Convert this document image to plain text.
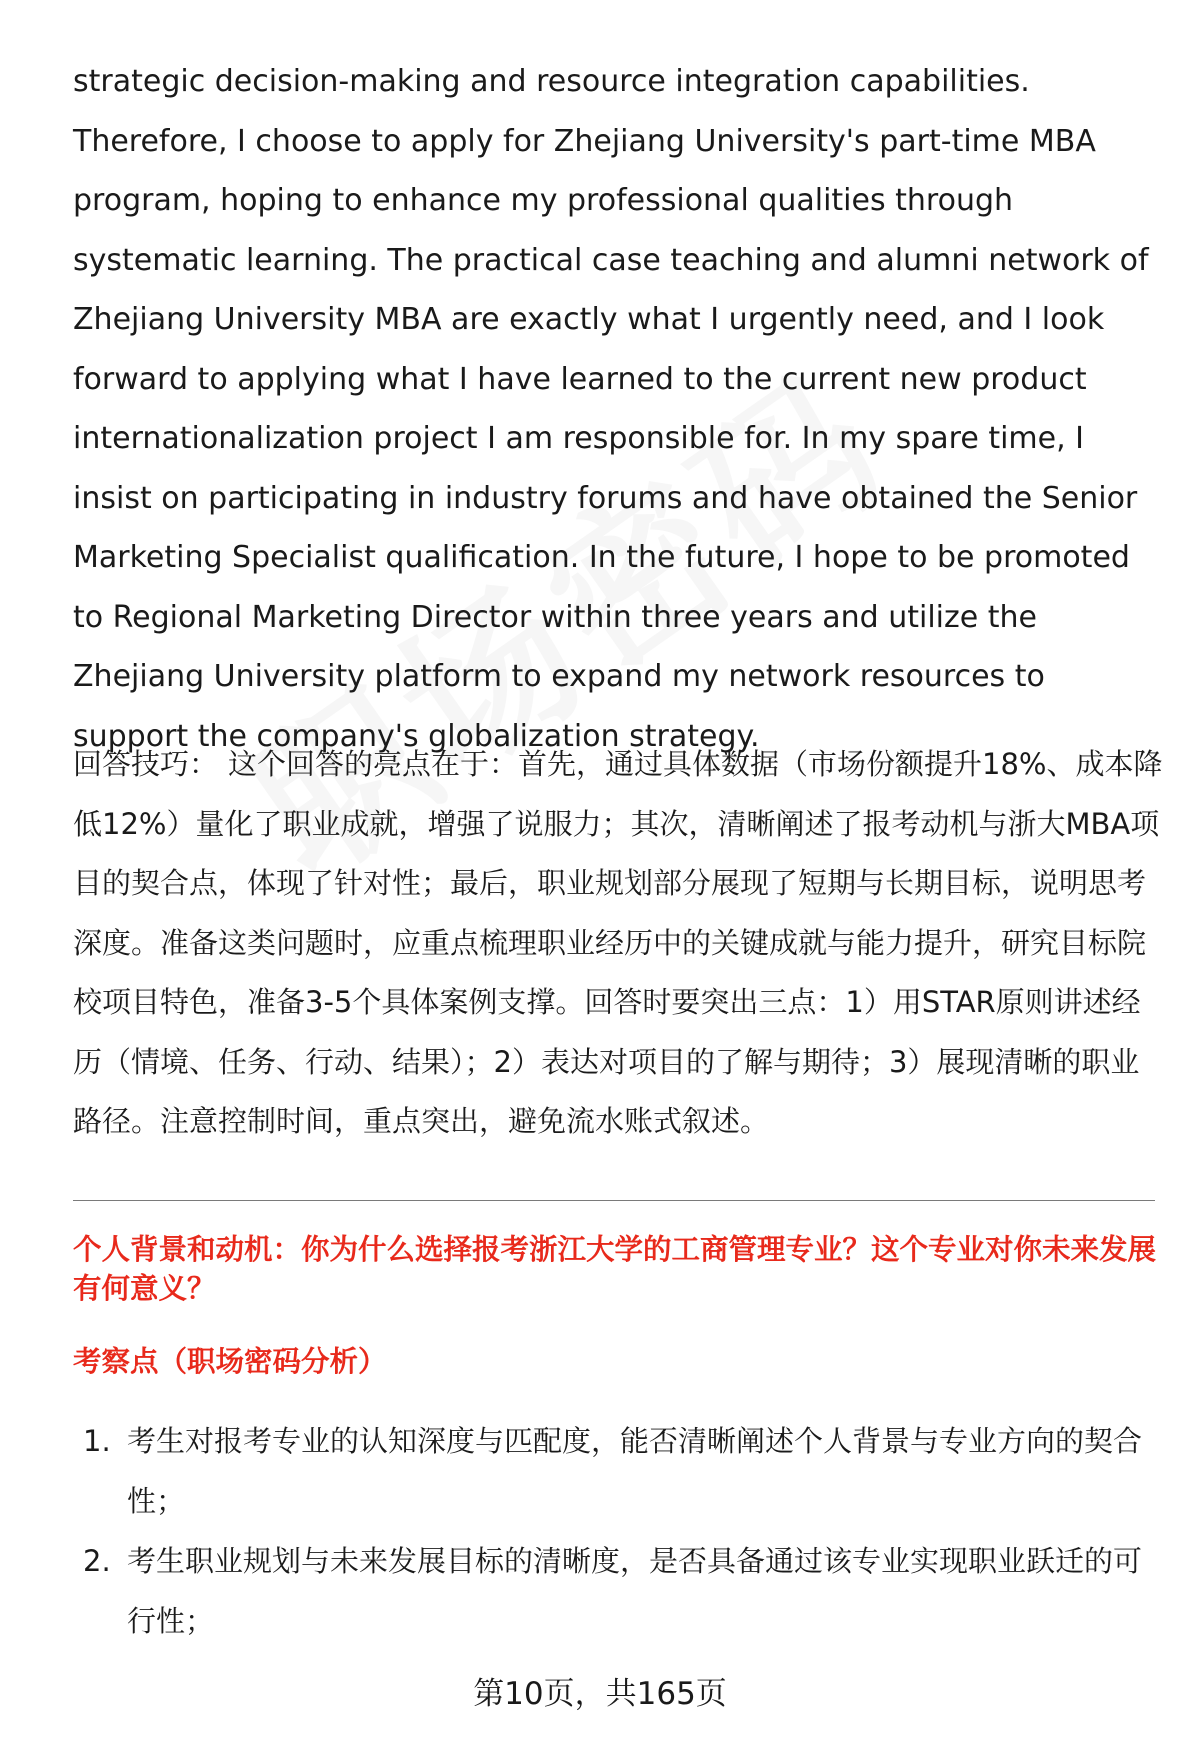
strategic decision-making and resource integration capabilities. Therefore, I choose to apply for Zhejiang University's part-time MBA program, hoping to enhance my professional qualities through systematic learning. The practical case teaching and alumni network of Zhejiang University MBA are exactly what I urgently need, and I look forward to applying what I have learned to the current new product internationalization project I am responsible for. In my spare time, I insist on participating in industry forums and have obtained the Senior Marketing Specialist qualification. In the future, I hope to be promoted to Regional Marketing Director within three years and utilize the Zhejiang University platform to expand my network resources to support the company's globalization strategy.

回答技巧： 这个回答的亮点在于：首先，通过具体数据（市场份额提升18%、成本降低12%）量化了职业成就，增强了说服力；其次，清晰阐述了报考动机与浙大MBA项目的契合点，体现了针对性；最后，职业规划部分展现了短期与长期目标，说明思考深度。准备这类问题时，应重点梳理职业经历中的关键成就与能力提升，研究目标院校项目特色，准备3-5个具体案例支撑。回答时要突出三点：1）用STAR原则讲述经历（情境、任务、行动、结果）；2）表达对项目的了解与期待；3）展现清晰的职业路径。注意控制时间，重点突出，避免流水账式叙述。

个人背景和动机：你为什么选择报考浙江大学的工商管理专业？这个专业对你未来发展有何意义？

考察点（职场密码分析）

1. 考生对报考专业的认知深度与匹配度，能否清晰阐述个人背景与专业方向的契合性；
2. 考生职业规划与未来发展目标的清晰度，是否具备通过该专业实现职业跃迁的可行性；
第10页，共165页
